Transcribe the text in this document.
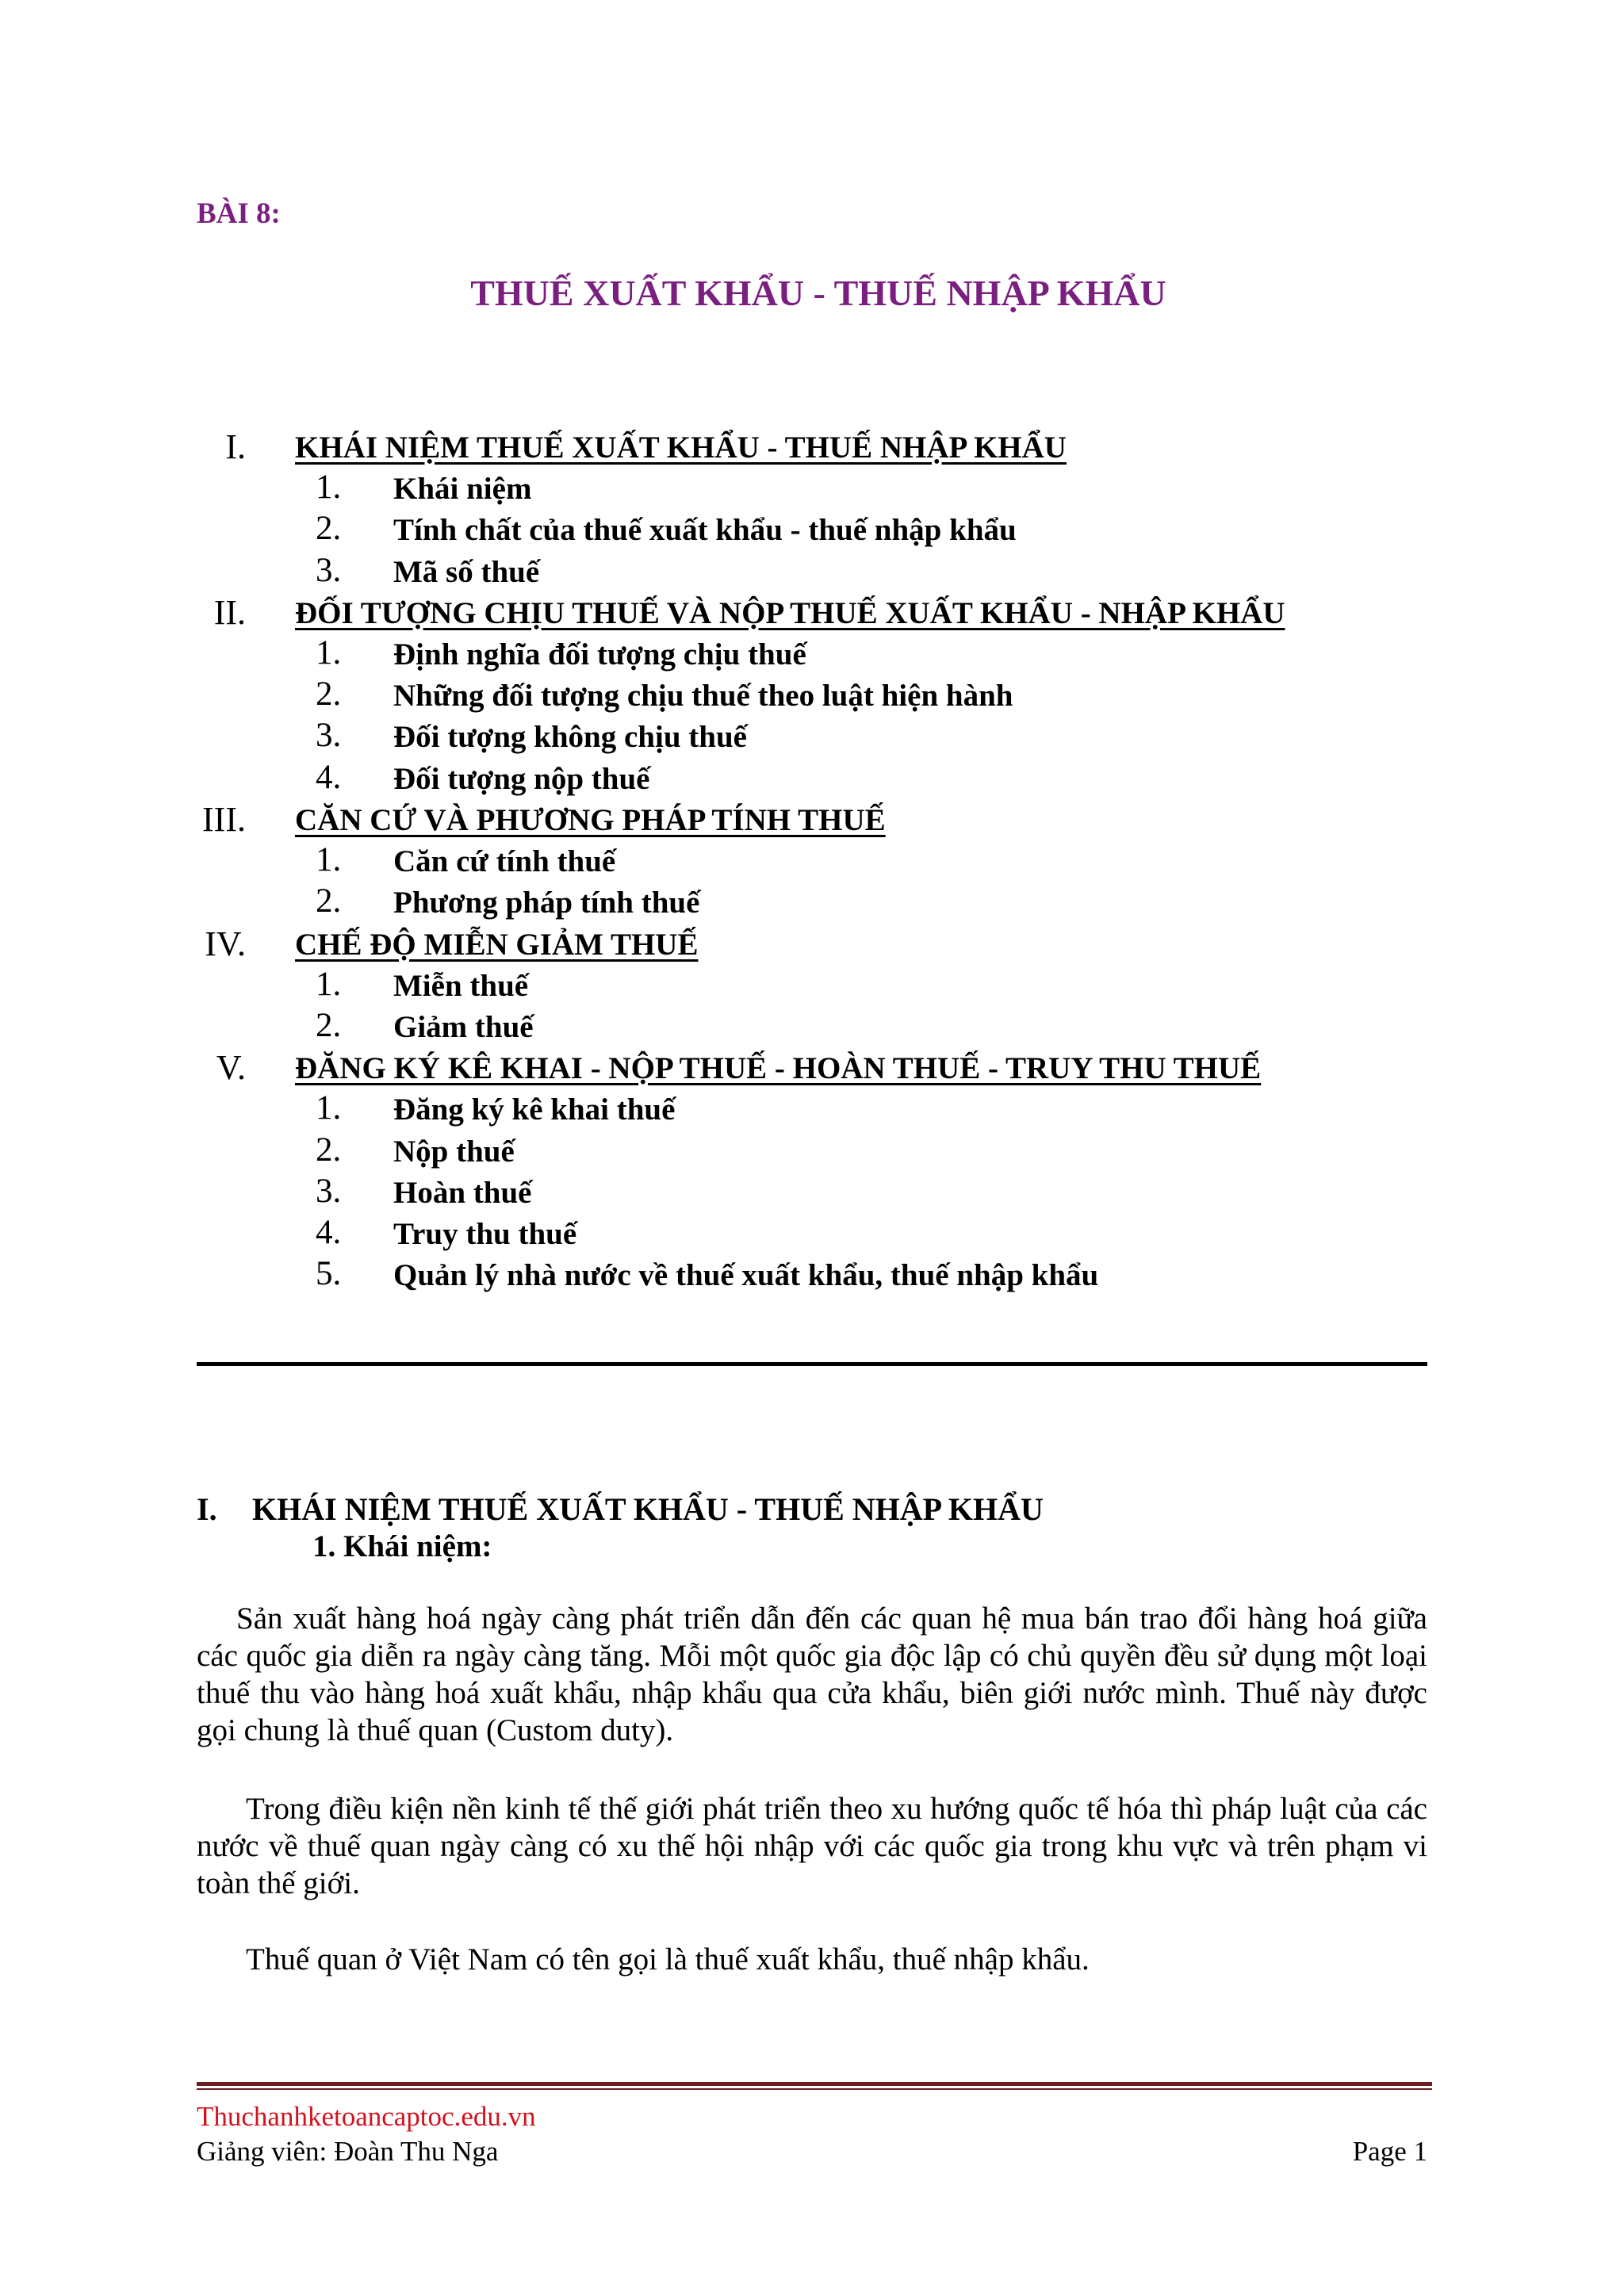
BÀI 8:
THUẾ XUẤT KHẨU - THUẾ NHẬP KHẨU
I. KHÁI NIỆM THUẾ XUẤT KHẨU - THUẾ NHẬP KHẨU
1. Khái niệm
2. Tính chất của thuế xuất khẩu - thuế nhập khẩu
3. Mã số thuế
II. ĐỐI TƯỢNG CHỊU THUẾ VÀ NỘP THUẾ XUẤT KHẨU - NHẬP KHẨU
1. Định nghĩa đối tượng chịu thuế
2. Những đối tượng chịu thuế theo luật hiện hành
3. Đối tượng không chịu thuế
4. Đối tượng nộp thuế
III. CĂN CỨ VÀ PHƯƠNG PHÁP TÍNH THUẾ
1. Căn cứ tính thuế
2. Phương pháp tính thuế
IV. CHẾ ĐỘ MIỄN GIẢM THUẾ
1. Miễn thuế
2. Giảm thuế
V. ĐĂNG KÝ KÊ KHAI - NỘP THUẾ - HOÀN THUẾ - TRUY THU THUẾ
1. Đăng ký kê khai thuế
2. Nộp thuế
3. Hoàn thuế
4. Truy thu thuế
5. Quản lý nhà nước về thuế xuất khẩu, thuế nhập khẩu
I. KHÁI NIỆM THUẾ XUẤT KHẨU - THUẾ NHẬP KHẨU
1. Khái niệm:
Sản xuất hàng hoá ngày càng phát triển dẫn đến các quan hệ mua bán trao đổi hàng hoá giữa các quốc gia diễn ra ngày càng tăng. Mỗi một quốc gia độc lập có chủ quyền đều sử dụng một loại thuế thu vào hàng hoá xuất khẩu, nhập khẩu qua cửa khẩu, biên giới nước mình. Thuế này được gọi chung là thuế quan (Custom duty).
Trong điều kiện nền kinh tế thế giới phát triển theo xu hướng quốc tế hóa thì pháp luật của các nước về thuế quan ngày càng có xu thế hội nhập với các quốc gia trong khu vực và trên phạm vi toàn thế giới.
Thuế quan ở Việt Nam có tên gọi là thuế xuất khẩu, thuế nhập khẩu.
Thuchanhketoancaptoc.edu.vn
Giảng viên: Đoàn Thu Nga	Page 1
